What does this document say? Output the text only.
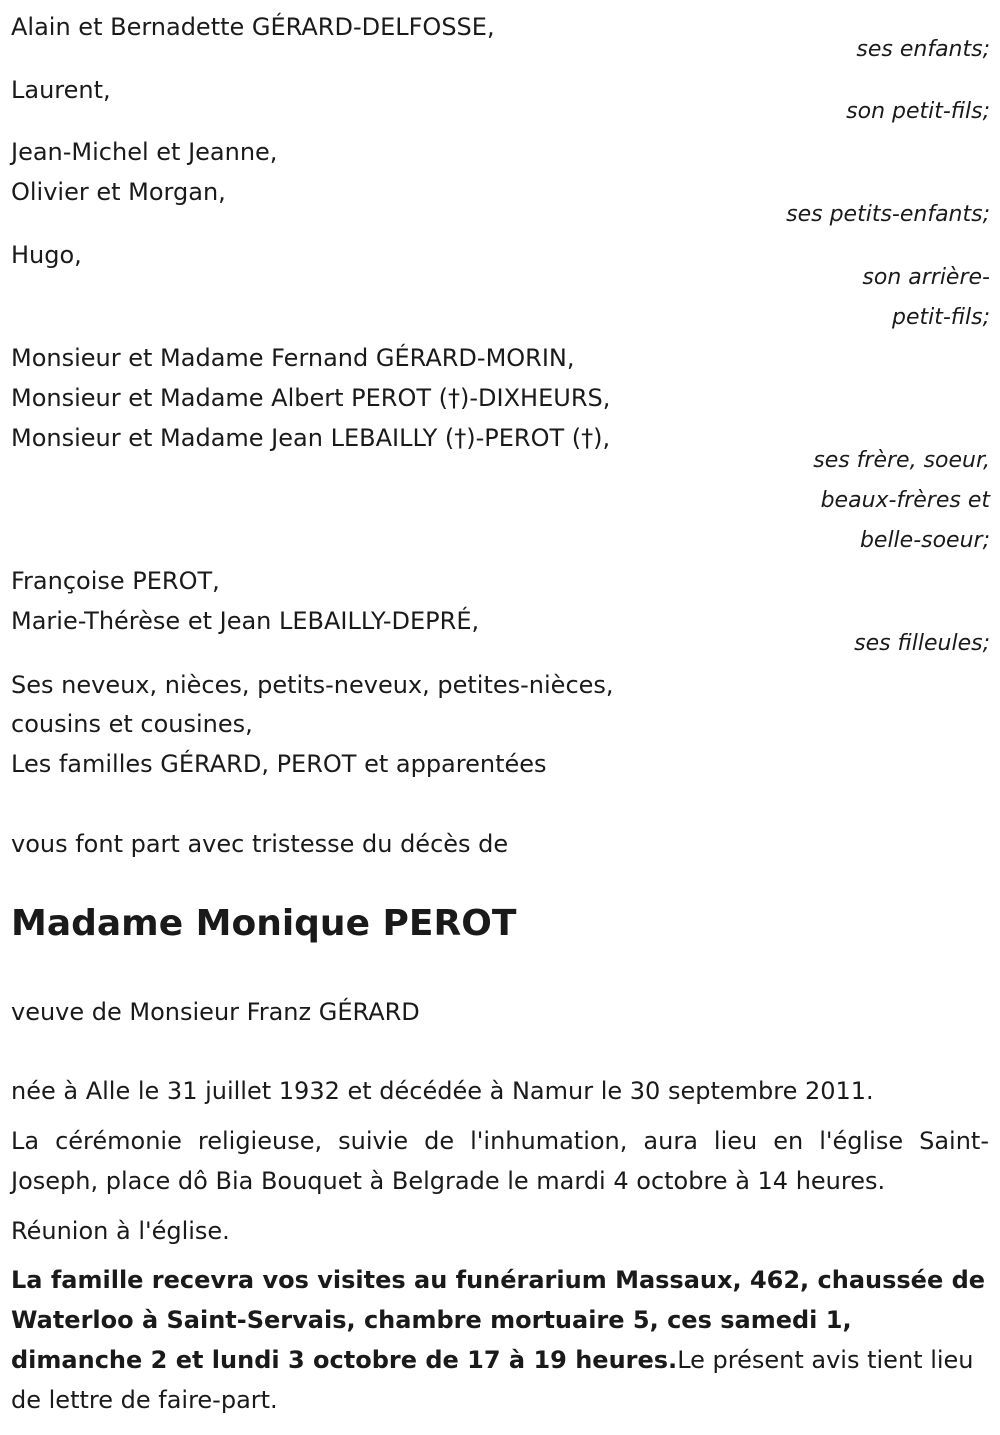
Alain et Bernadette GÉRARD-DELFOSSE,
ses enfants;
Laurent,
son petit-fils;
Jean-Michel et Jeanne,
Olivier et Morgan,
ses petits-enfants;
Hugo,
son arrière-
petit-fils;
Monsieur et Madame Fernand GÉRARD-MORIN,
Monsieur et Madame Albert PEROT (†)-DIXHEURS,
Monsieur et Madame Jean LEBAILLY (†)-PEROT (†),
ses frère, soeur,
beaux-frères et
belle-soeur;
Françoise PEROT,
Marie-Thérèse et Jean LEBAILLY-DEPRÉ,
ses filleules;
Ses neveux, nièces, petits-neveux, petites-nièces,
cousins et cousines,
Les familles GÉRARD, PEROT et apparentées
vous font part avec tristesse du décès de
Madame Monique PEROT
veuve de Monsieur Franz GÉRARD
née à Alle le 31 juillet 1932 et décédée à Namur le 30 septembre 2011.
La cérémonie religieuse, suivie de l'inhumation, aura lieu en l'église Saint-Joseph, place dô Bia Bouquet à Belgrade le mardi 4 octobre à 14 heures.
Réunion à l'église.
La famille recevra vos visites au funérarium Massaux, 462, chaussée de Waterloo à Saint-Servais, chambre mortuaire 5, ces samedi 1, dimanche 2 et lundi 3 octobre de 17 à 19 heures.Le présent avis tient lieu de lettre de faire-part.
